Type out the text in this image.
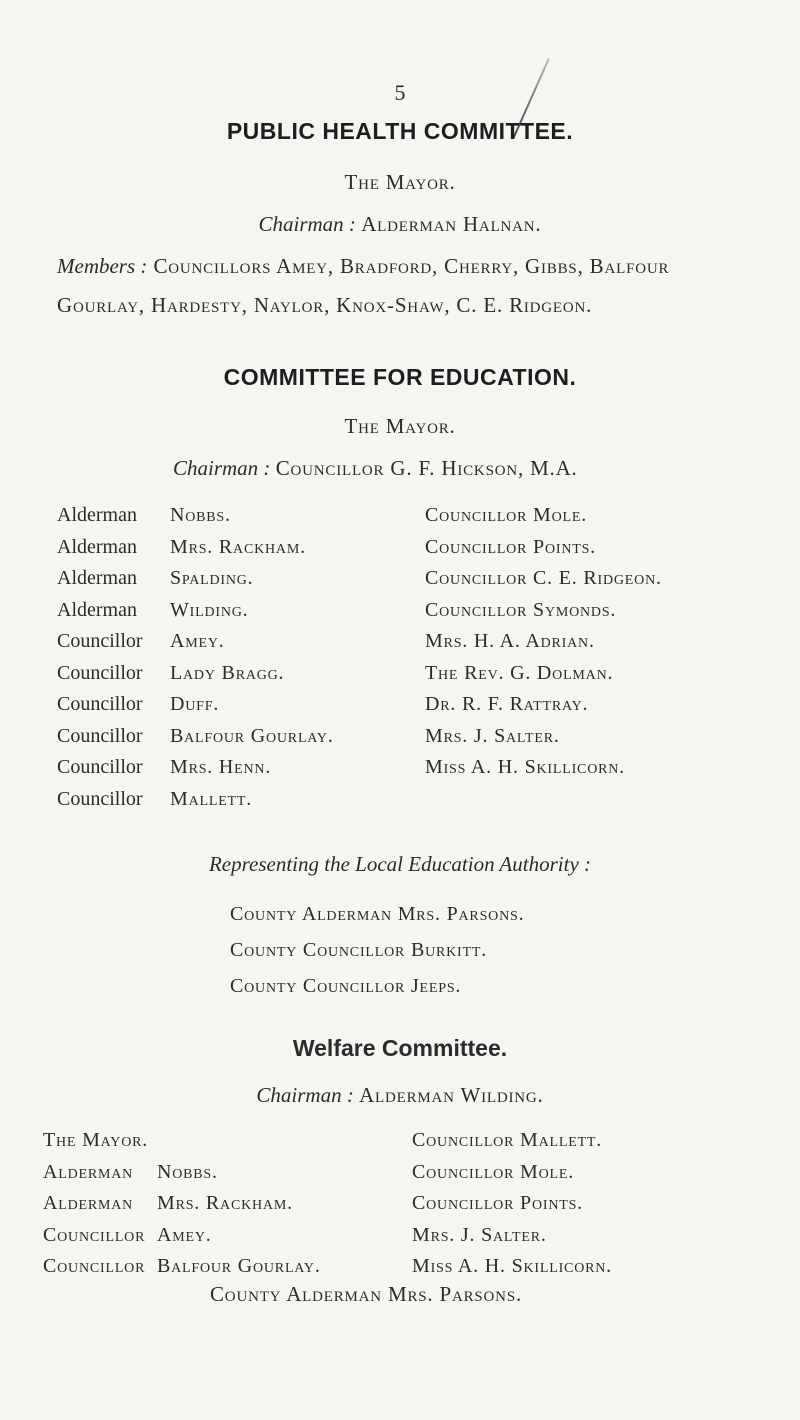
5
PUBLIC HEALTH COMMITTEE.
The Mayor.
Chairman : Alderman Halnan.
Members : Councillors Amey, Bradford, Cherry, Gibbs, Balfour
Gourlay, Hardesty, Naylor, Knox-Shaw, C. E. Ridgeon.
COMMITTEE FOR EDUCATION.
The Mayor.
Chairman : Councillor G. F. Hickson, M.A.
Alderman
Alderman
Alderman
Alderman
Councillor
Councillor
Councillor
Councillor
Councillor
Councillor
Nobbs.
Mrs. Rackham.
Spalding.
Wilding.
Amey.
Lady Bragg.
Duff.
Balfour Gourlay.
Mrs. Henn.
Mallett.
Councillor Mole.
Councillor Points.
Councillor C. E. Ridgeon.
Councillor Symonds.
Mrs. H. A. Adrian.
The Rev. G. Dolman.
Dr. R. F. Rattray.
Mrs. J. Salter.
Miss A. H. Skillicorn.
Representing the Local Education Authority :
County Alderman Mrs. Parsons.
County Councillor Burkitt.
County Councillor Jeeps.
Welfare Committee.
Chairman : Alderman Wilding.
The Mayor.
Alderman
Alderman
Councillor
Councillor
Nobbs.
Mrs. Rackham.
Amey.
Balfour Gourlay.
Councillor Mallett.
Councillor Mole.
Councillor Points.
Mrs. J. Salter.
Miss A. H. Skillicorn.
County Alderman Mrs. Parsons.
